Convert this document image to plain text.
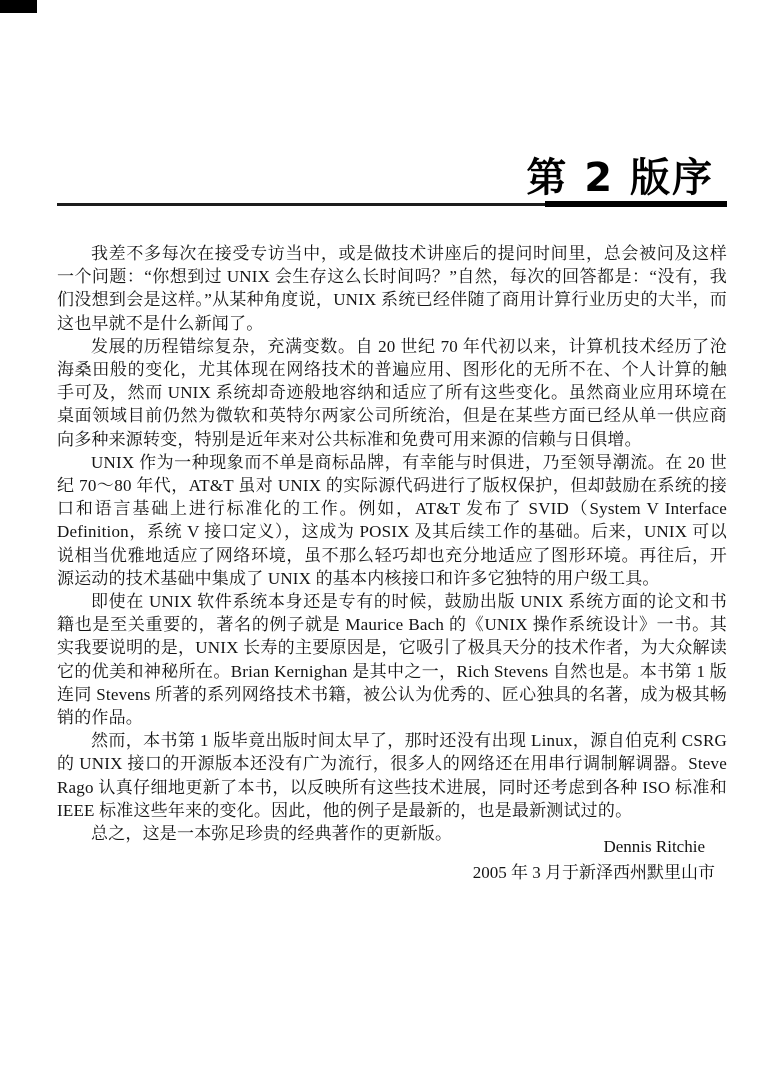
第 2 版序

我差不多每次在接受专访当中，或是做技术讲座后的提问时间里，总会被问及这样一个问题：“你想到过 UNIX 会生存这么长时间吗？”自然，每次的回答都是：“没有，我们没想到会是这样。”从某种角度说，UNIX 系统已经伴随了商用计算行业历史的大半，而这也早就不是什么新闻了。

发展的历程错综复杂，充满变数。自 20 世纪 70 年代初以来，计算机技术经历了沧海桑田般的变化，尤其体现在网络技术的普遍应用、图形化的无所不在、个人计算的触手可及，然而 UNIX 系统却奇迹般地容纳和适应了所有这些变化。虽然商业应用环境在桌面领域目前仍然为微软和英特尔两家公司所统治，但是在某些方面已经从单一供应商向多种来源转变，特别是近年来对公共标准和免费可用来源的信赖与日俱增。

UNIX 作为一种现象而不单是商标品牌，有幸能与时俱进，乃至领导潮流。在 20 世纪 70～80 年代，AT&T 虽对 UNIX 的实际源代码进行了版权保护，但却鼓励在系统的接口和语言基础上进行标准化的工作。例如，AT&T 发布了 SVID（System V Interface Definition，系统 V 接口定义），这成为 POSIX 及其后续工作的基础。后来，UNIX 可以说相当优雅地适应了网络环境，虽不那么轻巧却也充分地适应了图形环境。再往后，开源运动的技术基础中集成了 UNIX 的基本内核接口和许多它独特的用户级工具。

即使在 UNIX 软件系统本身还是专有的时候，鼓励出版 UNIX 系统方面的论文和书籍也是至关重要的，著名的例子就是 Maurice Bach 的《UNIX 操作系统设计》一书。其实我要说明的是，UNIX 长寿的主要原因是，它吸引了极具天分的技术作者，为大众解读它的优美和神秘所在。Brian Kernighan 是其中之一，Rich Stevens 自然也是。本书第 1 版连同 Stevens 所著的系列网络技术书籍，被公认为优秀的、匠心独具的名著，成为极其畅销的作品。

然而，本书第 1 版毕竟出版时间太早了，那时还没有出现 Linux，源自伯克利 CSRG 的 UNIX 接口的开源版本还没有广为流行，很多人的网络还在用串行调制解调器。Steve Rago 认真仔细地更新了本书，以反映所有这些技术进展，同时还考虑到各种 ISO 标准和 IEEE 标准这些年来的变化。因此，他的例子是最新的，也是最新测试过的。

总之，这是一本弥足珍贵的经典著作的更新版。

Dennis Ritchie
2005 年 3 月于新泽西州默里山市
